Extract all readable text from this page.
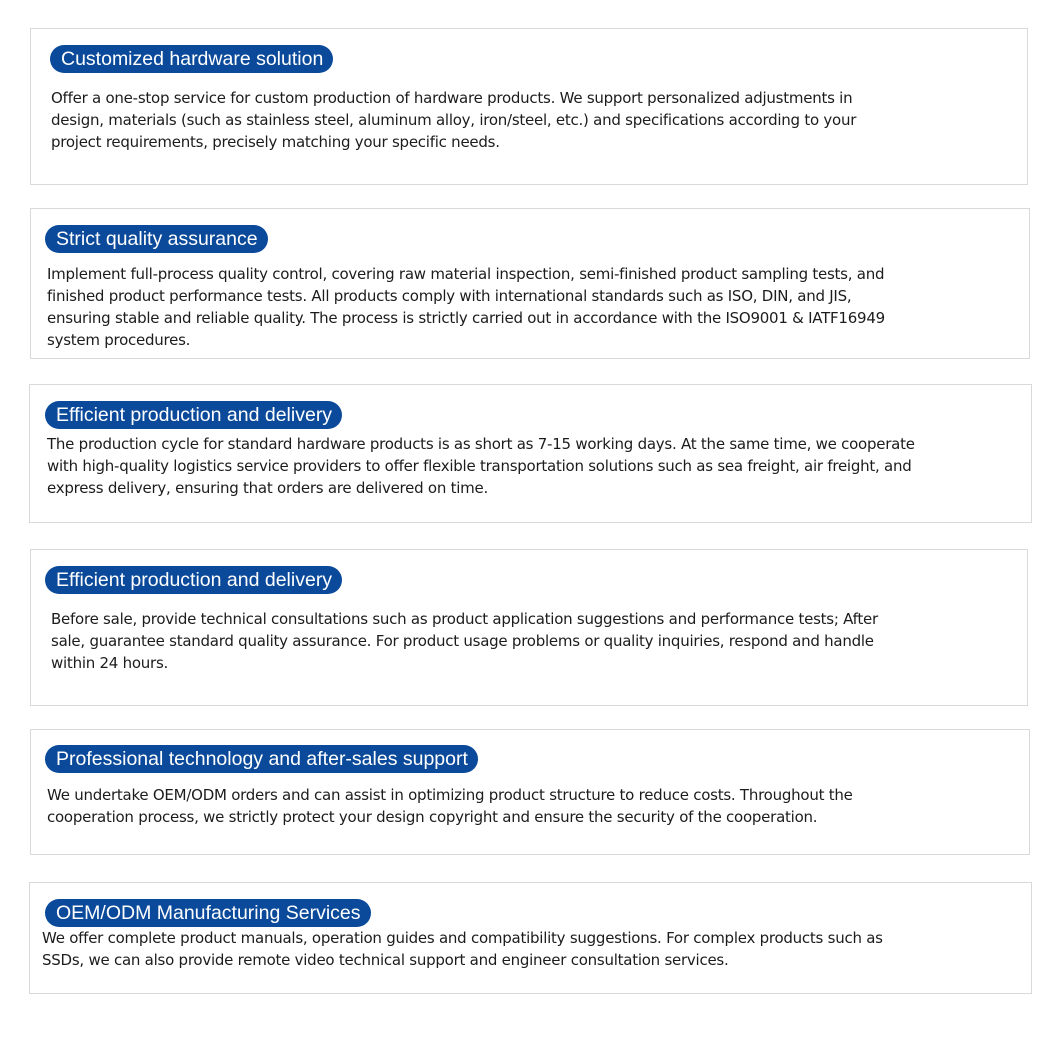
Customized hardware solution

Offer a one-stop service for custom production of hardware products. We support personalized adjustments in
design, materials (such as stainless steel, aluminum alloy, iron/steel, etc.) and specifications according to your
project requirements, precisely matching your specific needs.

Strict quality assurance

Implement full-process quality control, covering raw material inspection, semi-finished product sampling tests, and
finished product performance tests. All products comply with international standards such as ISO, DIN, and JIS,
ensuring stable and reliable quality. The process is strictly carried out in accordance with the ISO9001 & IATF16949
system procedures.

Efficient production and delivery

The production cycle for standard hardware products is as short as 7-15 working days. At the same time, we cooperate
with high-quality logistics service providers to offer flexible transportation solutions such as sea freight, air freight, and
express delivery, ensuring that orders are delivered on time.

Efficient production and delivery

Before sale, provide technical consultations such as product application suggestions and performance tests; After
sale, guarantee standard quality assurance. For product usage problems or quality inquiries, respond and handle
within 24 hours.

Professional technology and after-sales support

We undertake OEM/ODM orders and can assist in optimizing product structure to reduce costs. Throughout the
cooperation process, we strictly protect your design copyright and ensure the security of the cooperation.

OEM/ODM Manufacturing Services

We offer complete product manuals, operation guides and compatibility suggestions. For complex products such as
SSDs, we can also provide remote video technical support and engineer consultation services.
